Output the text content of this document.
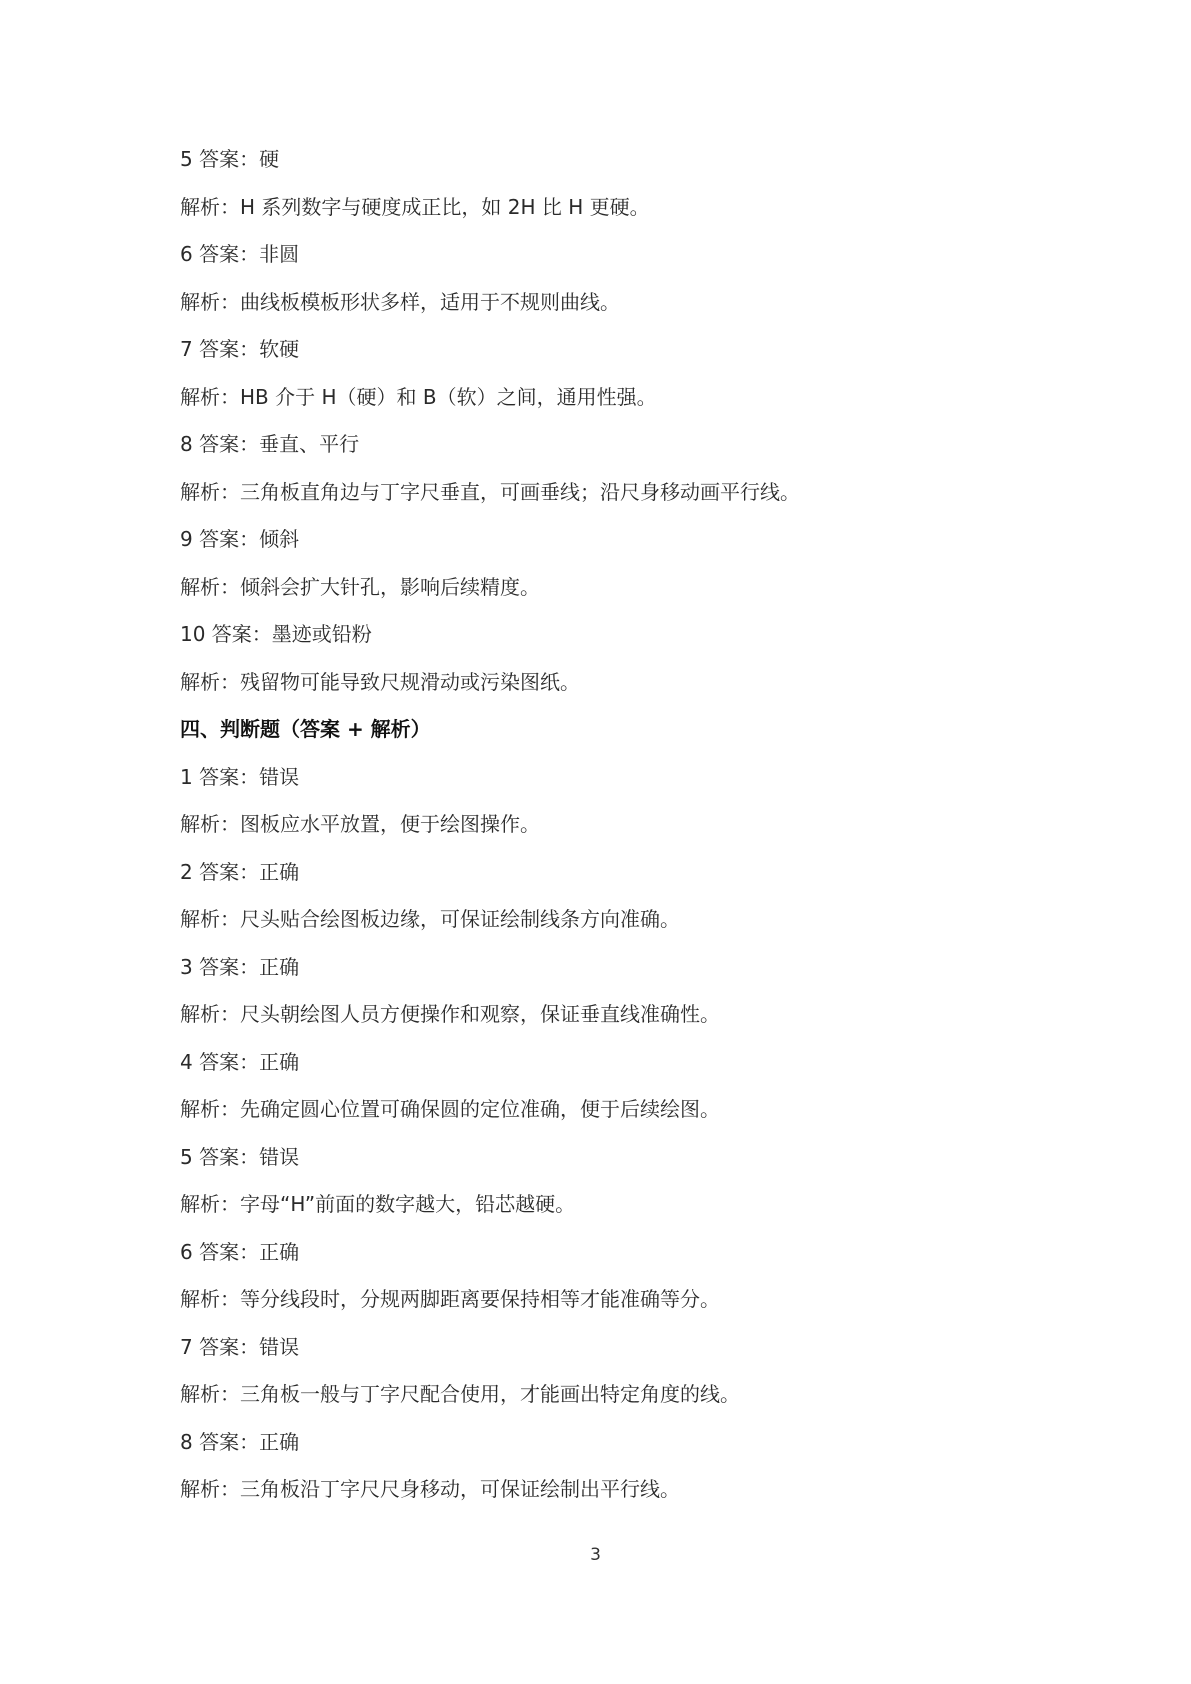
5 答案：硬
解析：H 系列数字与硬度成正比，如 2H 比 H 更硬。
6 答案：非圆
解析：曲线板模板形状多样，适用于不规则曲线。
7 答案：软硬
解析：HB 介于 H（硬）和 B（软）之间，通用性强。
8 答案：垂直、平行
解析：三角板直角边与丁字尺垂直，可画垂线；沿尺身移动画平行线。
9 答案：倾斜
解析：倾斜会扩大针孔，影响后续精度。
10 答案：墨迹或铅粉
解析：残留物可能导致尺规滑动或污染图纸。
四、判断题（答案 + 解析）
1 答案：错误
解析：图板应水平放置，便于绘图操作。
2 答案：正确
解析：尺头贴合绘图板边缘，可保证绘制线条方向准确。
3 答案：正确
解析：尺头朝绘图人员方便操作和观察，保证垂直线准确性。
4 答案：正确
解析：先确定圆心位置可确保圆的定位准确，便于后续绘图。
5 答案：错误
解析：字母“H”前面的数字越大，铅芯越硬。
6 答案：正确
解析：等分线段时，分规两脚距离要保持相等才能准确等分。
7 答案：错误
解析：三角板一般与丁字尺配合使用，才能画出特定角度的线。
8 答案：正确
解析：三角板沿丁字尺尺身移动，可保证绘制出平行线。
3
